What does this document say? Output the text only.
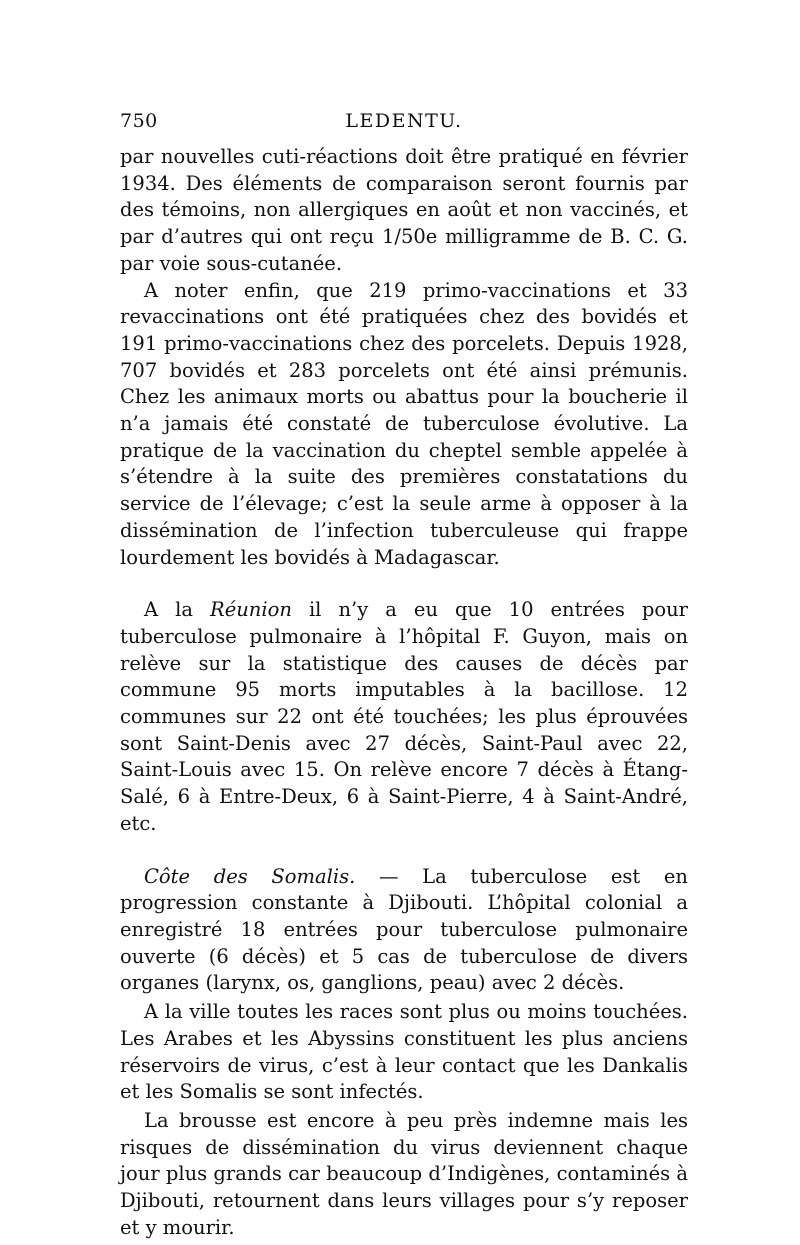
750	LEDENTU.

par nouvelles cuti-réactions doit être pratiqué en février 1934. Des éléments de comparaison seront fournis par des témoins, non allergiques en août et non vaccinés, et par d’autres qui ont reçu 1/50e milligramme de B. C. G. par voie sous-cutanée.

A noter enfin, que 219 primo-vaccinations et 33 revaccinations ont été pratiquées chez des bovidés et 191 primo-vaccinations chez des porcelets. Depuis 1928, 707 bovidés et 283 porcelets ont été ainsi prémunis. Chez les animaux morts ou abattus pour la boucherie il n’a jamais été constaté de tuberculose évolutive. La pratique de la vaccination du cheptel semble appelée à s’étendre à la suite des premières constatations du service de l’élevage; c’est la seule arme à opposer à la dissémination de l’infection tuberculeuse qui frappe lourdement les bovidés à Madagascar.

A la Réunion il n’y a eu que 10 entrées pour tuberculose pulmonaire à l’hôpital F. Guyon, mais on relève sur la statistique des causes de décès par commune 95 morts imputables à la bacillose. 12 communes sur 22 ont été touchées; les plus éprouvées sont Saint-Denis avec 27 décès, Saint-Paul avec 22, Saint-Louis avec 15. On relève encore 7 décès à Étang-Salé, 6 à Entre-Deux, 6 à Saint-Pierre, 4 à Saint-André, etc.

Côte des Somalis. — La tuberculose est en progression constante à Djibouti. L’hôpital colonial a enregistré 18 entrées pour tuberculose pulmonaire ouverte (6 décès) et 5 cas de tuberculose de divers organes (larynx, os, ganglions, peau) avec 2 décès.

A la ville toutes les races sont plus ou moins touchées. Les Arabes et les Abyssins constituent les plus anciens réservoirs de virus, c’est à leur contact que les Dankalis et les Somalis se sont infectés.

La brousse est encore à peu près indemne mais les risques de dissémination du virus deviennent chaque jour plus grands car beaucoup d’Indigènes, contaminés à Djibouti, retournent dans leurs villages pour s’y reposer et y mourir.
